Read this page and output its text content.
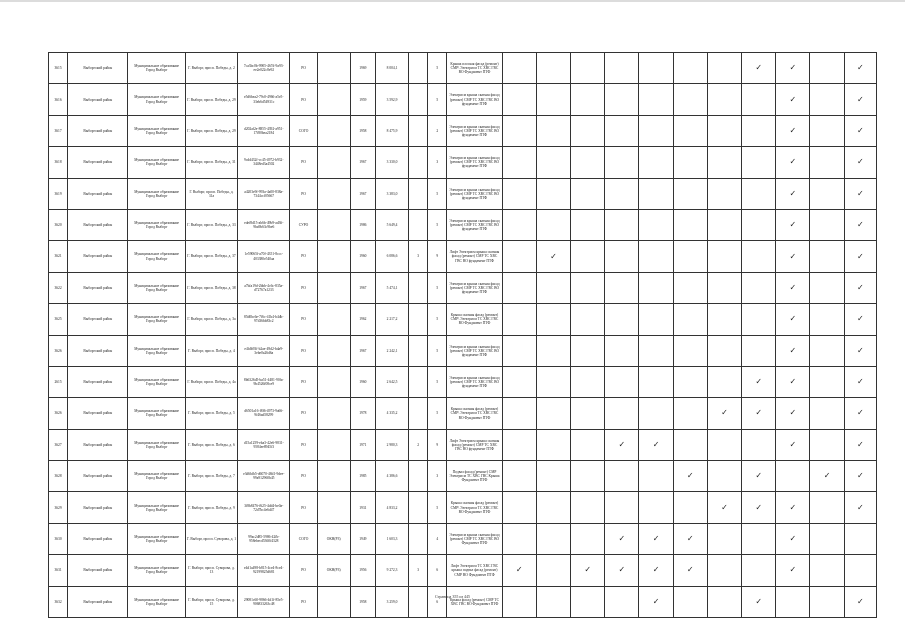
3615	Выборгский район	Муниципальное образование Город Выборг	Г. Выборг, просп. Победы, д. 2	7ca3bc0b-9905-467d-9a93-ee2e022c8e92	РО		1969	8 004,1		5	Крыша плоская фасад (ремонт) СМР\ Электрисм ТС ХВС ГВС ВО Фундамент ПТФ								✓	✓		✓
3616	Выборгский район	Муниципальное образование Город Выборг	Г. Выборг, просп. Победы, д. 29	e5d6bea2-79c0-4966-a5e5-33eb6d54931c	РО		1959	3 592,9		5	Электрисм крыша скатная фасад (ремонт) СМР ТС ХВС ГВС ВО фундамент ПТФ									✓		✓
3617	Выборгский район	Муниципальное образование Город Выборг	Г. Выборг, просп. Победы, д. 29	d202af2e-8855-4392-a951-17f80bea2184	СОГО		1958	8 475,9		2	Электрисм крыша скатная фасад (ремонт) СМР ТС ХВС ГВС ВО фундамент ПТФ									✓		✓
3618	Выборгский район	Муниципальное образование Город Выборг	Г. Выборг, просп. Победы, д. 31	9cdd432f-cc45-4972-b932-3448ed3a4502	РО		1967	3 330,0		3	Электрисм крыша скатная фасад (ремонт) СМР ТС ХВС ГВС ВО фундамент ПТФ									✓		✓
3619	Выборгский район	Муниципальное образование Город Выборг	Г. Выборг, просп. Победы, д. 31а	a4203e9f-993a-4a00-838a-7344ccf05667	РО		1967	3 383,0		5	Электрисм крыша скатная фасад (ремонт) СМР ТС ХВС ГВС ВО фундамент ПТФ									✓		✓
3620	Выборгский район	Муниципальное образование Город Выборг	Г. Выборг, просп. Победы, д. 33	edef8d15-ab6b-49b9-ad36-9ba9b63c9be6	СУРО		1986	5 649,4		5	Электрисм крыша скатная фасад (ремонт) СМР ТС ХВС ГВС ВО фундамент ПТФ									✓		✓
3621	Выборгский район	Муниципальное образование Город Выборг	Г. Выборг, просп. Победы, д. 37	1e59065f-a70f-4351-8ccc-403380e540aa	РО		1960	6 086,6	3	9	Лифт Электрисм крыша скатная фасад (ремонт) СМР ТС ХВС ГВС ВО фундамент ПТФ		✓							✓		✓
3622	Выборгский район	Муниципальное образование Город Выборг	Г. Выборг, просп. Победы, д. 38	a7bfa19d-2bbb-4c6c-835a-d72767a1233	РО		1967	5 474,1		5	Электрисм крыша скатная фасад (ремонт) СМР ТС ХВС ГВС ВО фундамент ПТФ									✓		✓
3625	Выборгский район	Муниципальное образование Город Выборг	Г. Выборг, просп. Победы, д. 3а	85d0bc6e-7f6c-41b4-b4db-97d36bb83c2	РО		1962	2 217,2		5	Крыша скатная фасад (ремонт) СМР\ Электрисм ТС ХВС ГВС ВО Фундамент ПТФ									✓		✓
3626	Выборгский район	Муниципальное образование Город Выборг	Г. Выборг, просп. Победы, д. 4	e4fdb93f-b2ae-49d2-bda9-3ebe0a26d6a	РО		1967	2 242,1		5	Электрисм крыша скатная фасад (ремонт) СМР ТС ХВС ГВС ВО фундамент ПТФ									✓		✓
2615	Выборгский район	Муниципальное образование Город Выборг	Г. Выборг, просп. Победы, д. 4а	8b6326d5-ba51-4481-90fa-9b4526f08ce9	РО		1960	2 642,5		5	Электрисм крыша скатная фасад (ремонт) СМР ТС ХВС ГВС ВО фундамент ПТФ								✓	✓		✓
3626	Выборгский район	Муниципальное образование Город Выборг	Г. Выборг, просп. Победы, д. 5	d6501a16-f8f6-4973-9a66-9f46ad58299	РО		1978	4 335,2		5	Крыша скатная фасад (ремонт) СМР\ Электрисм ТС ХВС ГВС ВО Фундамент ПТФ							✓	✓	✓		✓
3627	Выборгский район	Муниципальное образование Город Выборг	Г. Выборг, просп. Победы, д. 6	d15a1259-eba3-42e6-9831-9584ee8945f3	РО		1971	2 980,3	2	9	Лифт Электрисм крыша скатная фасад (ремонт) СМР ТС ХВС ГВС ВО фундамент ПТФ				✓	✓				✓		✓
3628	Выборгский район	Муниципальное образование Город Выборг	Г. Выборг, просп. Победы, д. 7	e3d6bfb5-d6070-48d1-9dee-99a912960b45	РО		1985	4 386,6		3	Подвал фасад (ремонт) СМР Электрисм ТС ХВС ГВС Крыша Фундамент ПТФ						✓		✓		✓	✓
3629	Выборгский район	Муниципальное образование Город Выборг	Г. Выборг, просп. Победы, д. 9	3f8b8476-f625-4dd4-be0a-72d7bc4e6d47	РО		1931	4 833,2		5	Крыша скатная фасад (ремонт) СМР\ Электрисм ТС ХВС ГВС ВО Фундамент ПТФ							✓	✓	✓		✓
3630	Выборгский район	Муниципальное образование Город Выборг	Г. Выборг, просп. Суворова, д. 1	99ac2d85-5986-42fb-958ebecd5360f4328	СОГО	ОКН(РЗ)	1949	1 603,3		4	Электрисм крыша скатная фасад (ремонт) СМР ТС ХВС ГВС ВО Фундамент ПТФ				✓	✓	✓			✓		
3631	Выборгский район	Муниципальное образование Город Выборг	Г. Выборг, просп. Суворова, д. 13	e4d1a498-b815-4ce4-8ce4-92199825d681	РО	ОКН(РЗ)	1956	9 272,3	3	6	Лифт Электрисм ТС ХВС ГВС крыша подвал фасад (ремонт) СМР ВО Фундамент ПТФ	✓		✓	✓	✓	✓			✓		
3632	Выборгский район	Муниципальное образование Город Выборг	Г. Выборг, просп. Суворова, д. 15	29081c60-9866-4d1f-85e5-906833263c48	РО		1958	3 259,0		6	Крыша фасад (ремонт) СМР ТС ХВС ГВС ВО Фундамент ПТФ					✓			✓			✓
Страница 355 из 445
